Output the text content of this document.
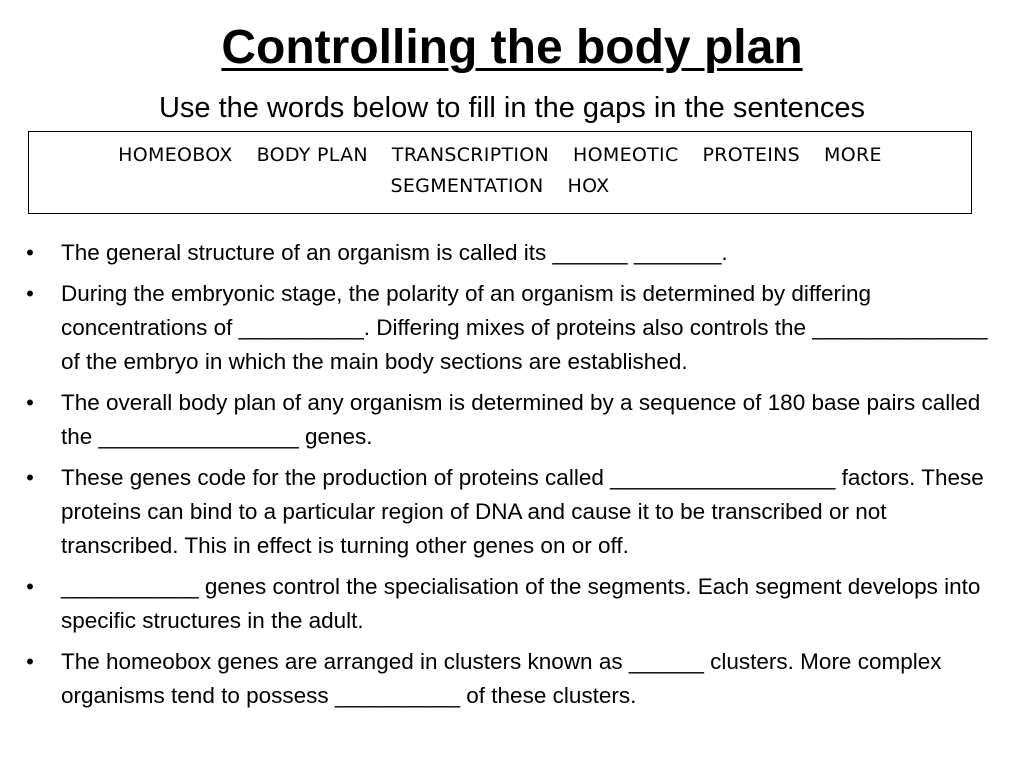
Controlling the body plan

Use the words below to fill in the gaps in the sentences

HOMEOBOX BODY PLAN TRANSCRIPTION HOMEOTIC PROTEINS MORE
SEGMENTATION HOX
• The general structure of an organism is called its ______ _______.
• During the embryonic stage, the polarity of an organism is determined by differing concentrations of __________. Differing mixes of proteins also controls the ______________ of the embryo in which the main body sections are established.
• The overall body plan of any organism is determined by a sequence of 180 base pairs called the ________________ genes.
• These genes code for the production of proteins called __________________ factors. These proteins can bind to a particular region of DNA and cause it to be transcribed or not transcribed. This in effect is turning other genes on or off.
• ___________ genes control the specialisation of the segments. Each segment develops into specific structures in the adult.
• The homeobox genes are arranged in clusters known as ______ clusters. More complex organisms tend to possess __________ of these clusters.
